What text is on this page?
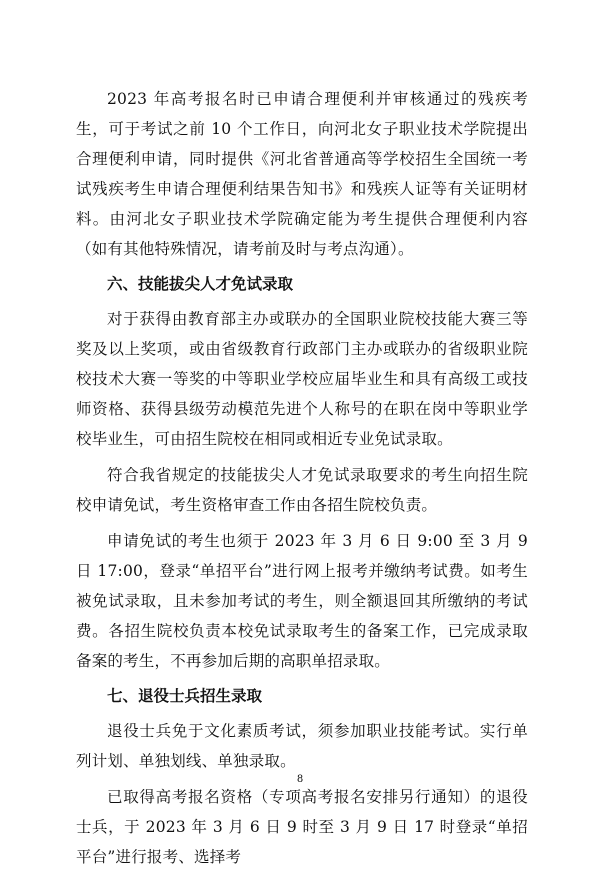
2023 年高考报名时已申请合理便利并审核通过的残疾考生，可于考试之前 10 个工作日，向河北女子职业技术学院提出合理便利申请，同时提供《河北省普通高等学校招生全国统一考试残疾考生申请合理便利结果告知书》和残疾人证等有关证明材料。由河北女子职业技术学院确定能为考生提供合理便利内容（如有其他特殊情况，请考前及时与考点沟通）。

六、技能拔尖人才免试录取

对于获得由教育部主办或联办的全国职业院校技能大赛三等奖及以上奖项，或由省级教育行政部门主办或联办的省级职业院校技术大赛一等奖的中等职业学校应届毕业生和具有高级工或技师资格、获得县级劳动模范先进个人称号的在职在岗中等职业学校毕业生，可由招生院校在相同或相近专业免试录取。

符合我省规定的技能拔尖人才免试录取要求的考生向招生院校申请免试，考生资格审查工作由各招生院校负责。

申请免试的考生也须于 2023 年 3 月 6 日 9:00 至 3 月 9 日 17:00，登录“单招平台”进行网上报考并缴纳考试费。如考生被免试录取，且未参加考试的考生，则全额退回其所缴纳的考试费。各招生院校负责本校免试录取考生的备案工作，已完成录取备案的考生，不再参加后期的高职单招录取。

七、退役士兵招生录取

退役士兵免于文化素质考试，须参加职业技能考试。实行单列计划、单独划线、单独录取。

已取得高考报名资格（专项高考报名安排另行通知）的退役士兵，于 2023 年 3 月 6 日 9 时至 3 月 9 日 17 时登录“单招平台”进行报考、选择考

8
